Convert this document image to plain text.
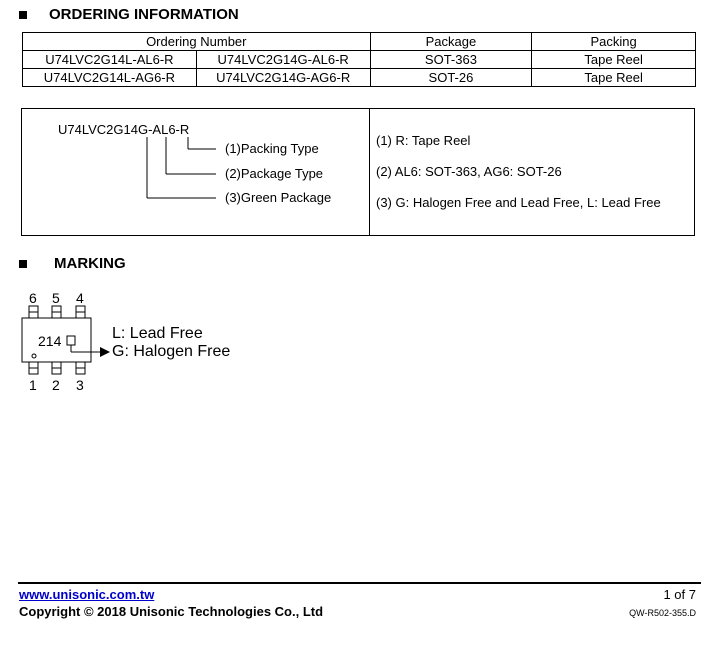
ORDERING INFORMATION
Ordering Number		Package	Packing
U74LVC2G14L-AL6-R	U74LVC2G14G-AL6-R	SOT-363	Tape Reel
U74LVC2G14L-AG6-R	U74LVC2G14G-AG6-R	SOT-26	Tape Reel
U74LVC2G14G-AL6-R
(1)Packing Type
(2)Package Type
(3)Green Package
(1) R: Tape Reel
(2) AL6: SOT-363, AG6: SOT-26
(3) G: Halogen Free and Lead Free, L: Lead Free
MARKING
6 5 4
214
1 2 3
L: Lead Free
G: Halogen Free
www.unisonic.com.tw
Copyright © 2018 Unisonic Technologies Co., Ltd
1 of 7
QW-R502-355.D
